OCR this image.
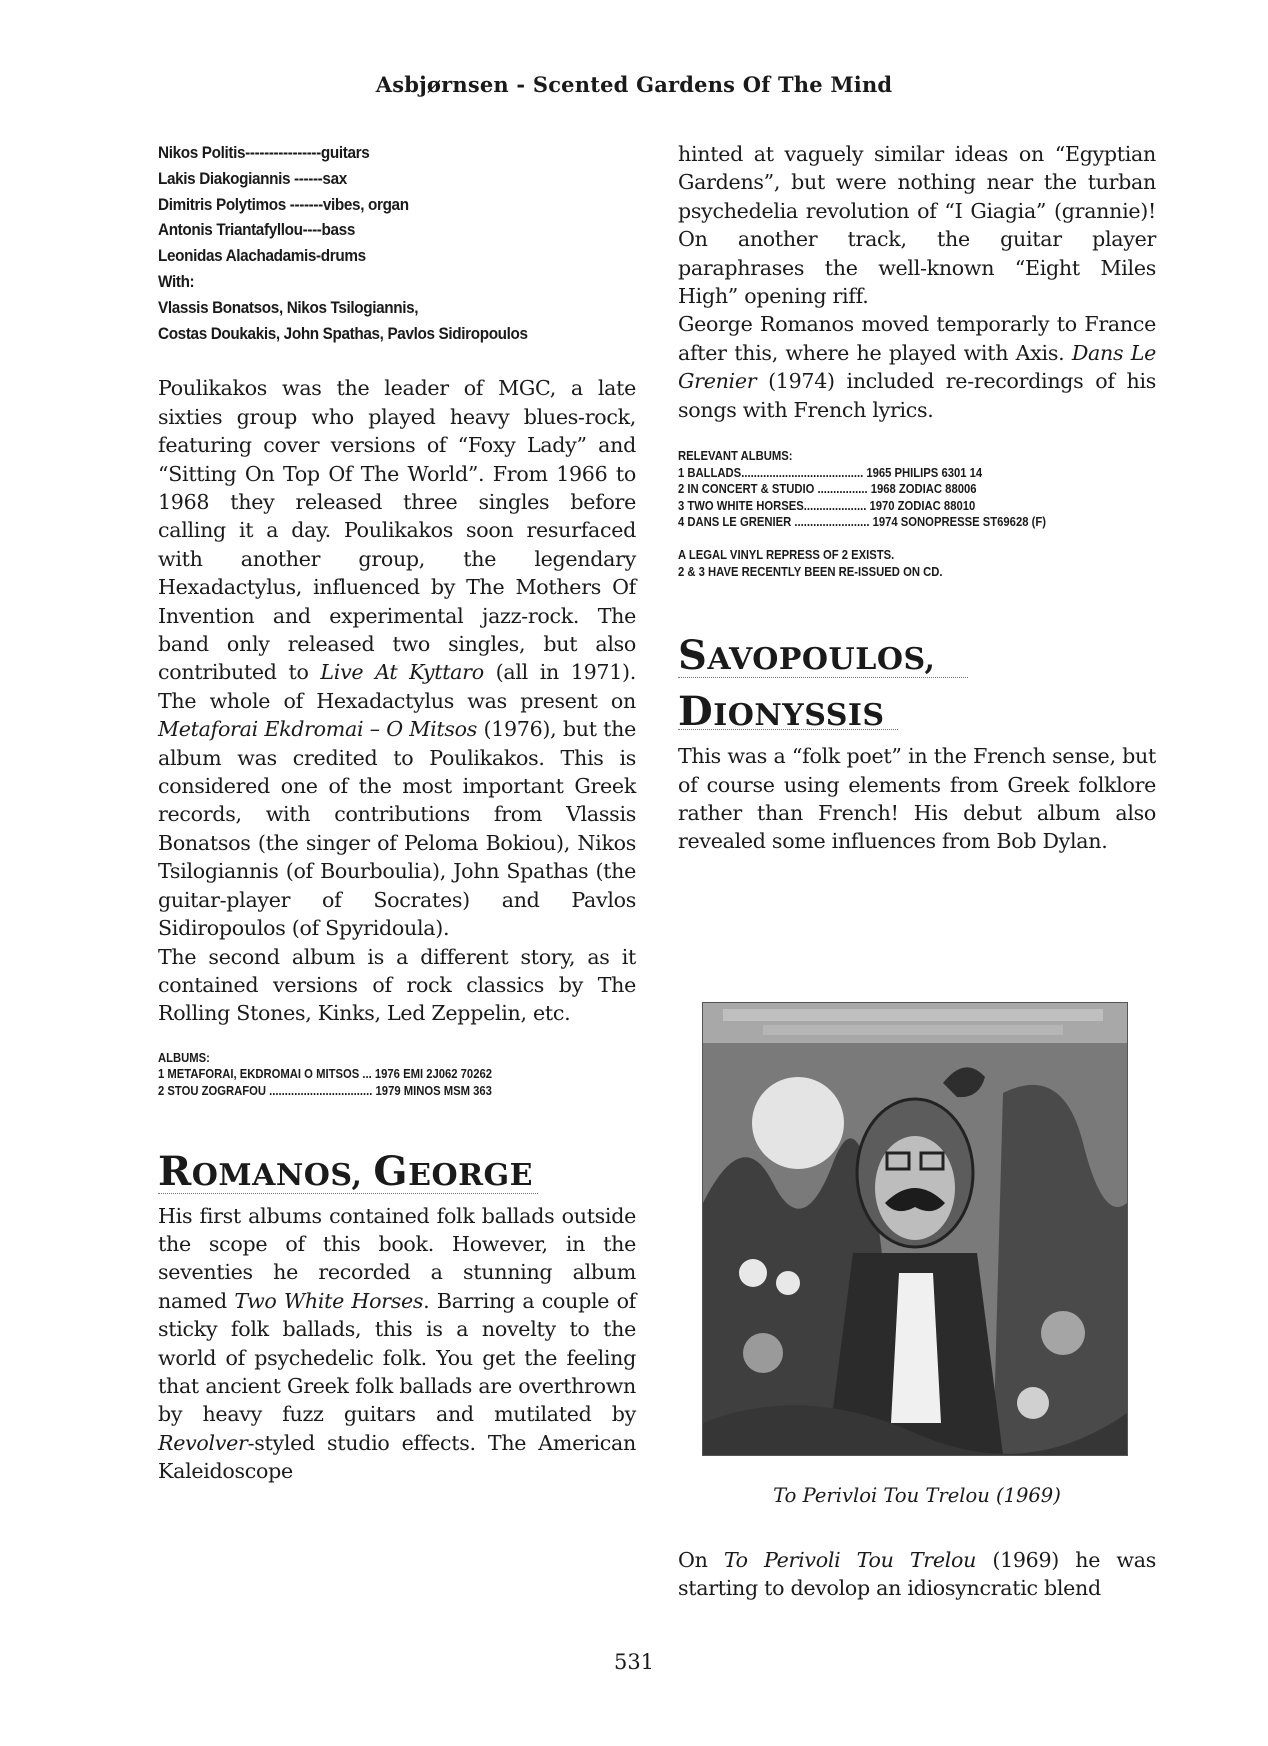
Asbjørnsen - Scented Gardens Of The Mind
Nikos Politis----------------guitars
Lakis Diakogiannis ------sax
Dimitris Polytimos -------vibes, organ
Antonis Triantafyllou----bass
Leonidas Alachadamis-drums
With:
Vlassis Bonatsos, Nikos Tsilogiannis,
Costas Doukakis, John Spathas, Pavlos Sidiropoulos

Poulikakos was the leader of MGC, a late sixties group who played heavy blues-rock, featuring cover versions of “Foxy Lady” and “Sitting On Top Of The World”. From 1966 to 1968 they released three singles before calling it a day. Poulikakos soon resurfaced with another group, the legendary Hexadactylus, influenced by The Mothers Of Invention and experimental jazz-rock. The band only released two singles, but also contributed to Live At Kyttaro (all in 1971). The whole of Hexadactylus was present on Metaforai Ekdromai – O Mitsos (1976), but the album was credited to Poulikakos. This is considered one of the most important Greek records, with contributions from Vlassis Bonatsos (the singer of Peloma Bokiou), Nikos Tsilogiannis (of Bourboulia), John Spathas (the guitar-player of Socrates) and Pavlos Sidiropoulos (of Spyridoula).

The second album is a different story, as it contained versions of rock classics by The Rolling Stones, Kinks, Led Zeppelin, etc.

ALBUMS:
1 METAFORAI, EKDROMAI O MITSOS ... 1976 EMI 2J062 70262
2 STOU ZOGRAFOU ................................. 1979 MINOS MSM 363
ROMANOS, GEORGE

His first albums contained folk ballads outside the scope of this book. However, in the seventies he recorded a stunning album named Two White Horses. Barring a couple of sticky folk ballads, this is a novelty to the world of psychedelic folk. You get the feeling that ancient Greek folk ballads are overthrown by heavy fuzz guitars and mutilated by Revolver-styled studio effects. The American Kaleidoscope

hinted at vaguely similar ideas on “Egyptian Gardens”, but were nothing near the turban psychedelia revolution of “I Giagia” (grannie)! On another track, the guitar player paraphrases the well-known “Eight Miles High” opening riff.

George Romanos moved temporarly to France after this, where he played with Axis. Dans Le Grenier (1974) included re-recordings of his songs with French lyrics.

RELEVANT ALBUMS:
1 BALLADS....................................... 1965 PHILIPS 6301 14
2 IN CONCERT & STUDIO ................ 1968 ZODIAC 88006
3 TWO WHITE HORSES.................... 1970 ZODIAC 88010
4 DANS LE GRENIER ........................ 1974 SONOPRESSE ST69628 (F)
A LEGAL VINYL REPRESS OF 2 EXISTS.
2 & 3 HAVE RECENTLY BEEN RE-ISSUED ON CD.
SAVOPOULOS,
DIONYSSIS

This was a “folk poet” in the French sense, but of course using elements from Greek folklore rather than French! His debut album also revealed some influences from Bob Dylan.

To Perivloi Tou Trelou (1969)

On To Perivoli Tou Trelou (1969) he was starting to devolop an idiosyncratic blend

531
